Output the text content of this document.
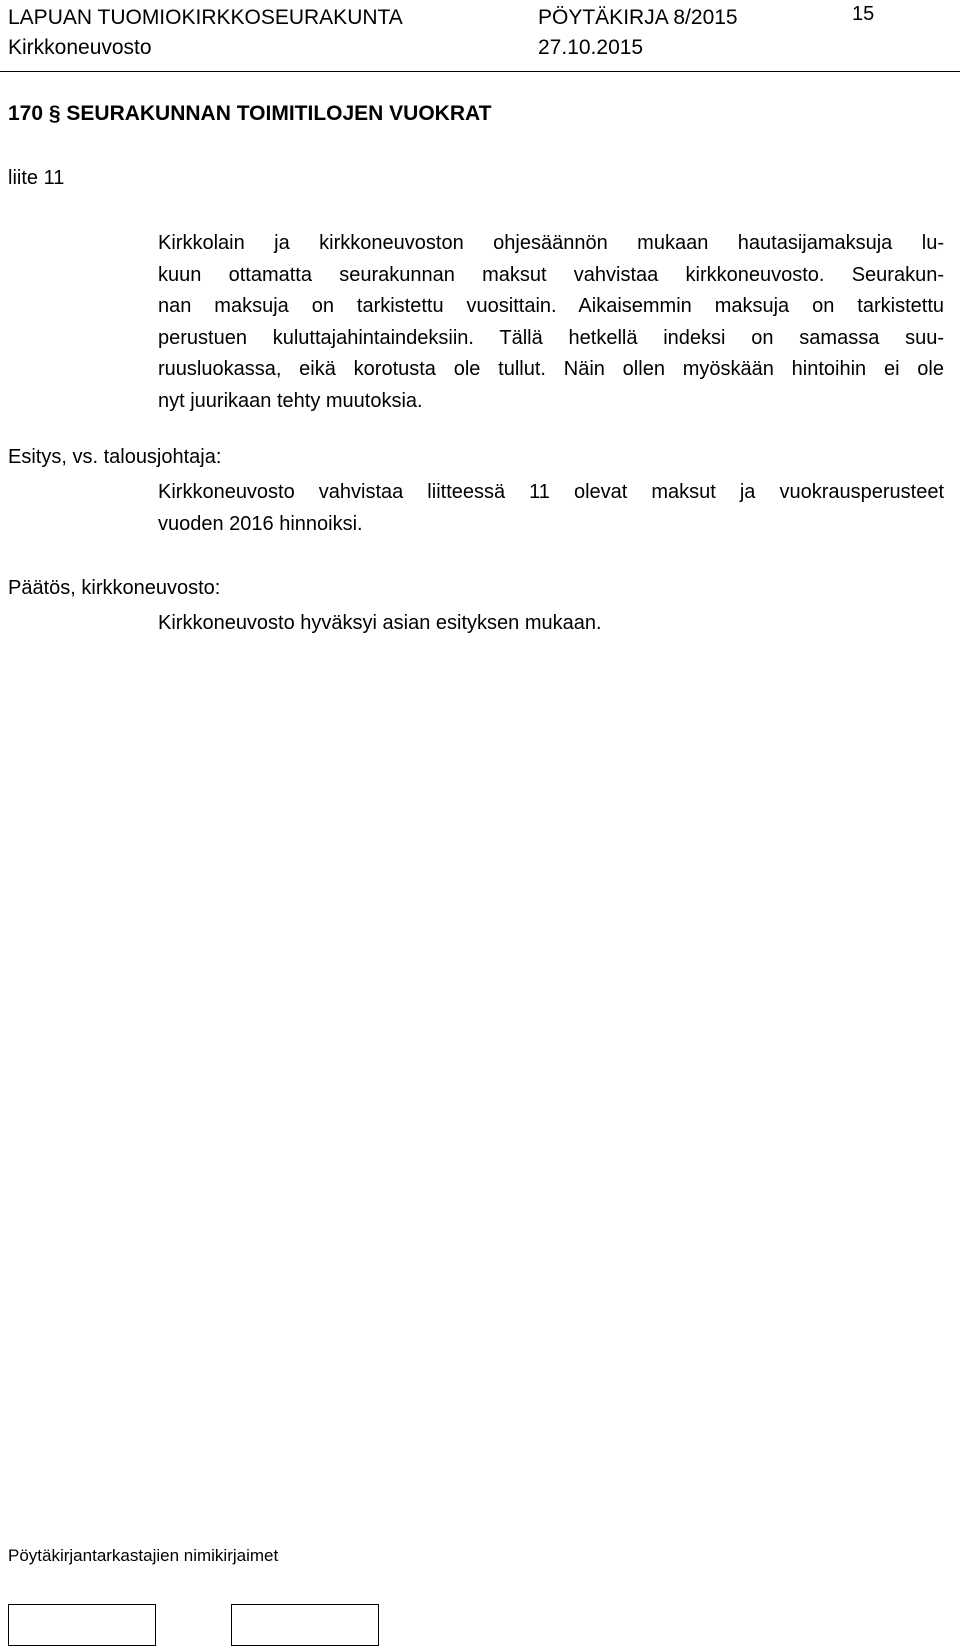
LAPUAN TUOMIOKIRKKOSEURAKUNTA	PÖYTÄKIRJA 8/2015	15
Kirkkoneuvosto	27.10.2015
170 § SEURAKUNNAN TOIMITILOJEN VUOKRAT
liite 11
Kirkkolain ja kirkkoneuvoston ohjesäännön mukaan hautasijamaksuja lu-
kuun ottamatta seurakunnan maksut vahvistaa kirkkoneuvosto. Seurakun-
nan maksuja on tarkistettu vuosittain. Aikaisemmin maksuja on tarkistettu
perustuen kuluttajahintaindeksiin. Tällä hetkellä indeksi on samassa suu-
ruusluokassa, eikä korotusta ole tullut. Näin ollen myöskään hintoihin ei ole
nyt juurikaan tehty muutoksia.
Esitys, vs. talousjohtaja:
Kirkkoneuvosto vahvistaa liitteessä 11 olevat maksut ja vuokrausperusteet
vuoden 2016 hinnoiksi.
Päätös, kirkkoneuvosto:
Kirkkoneuvosto hyväksyi asian esityksen mukaan.
Pöytäkirjantarkastajien nimikirjaimet
